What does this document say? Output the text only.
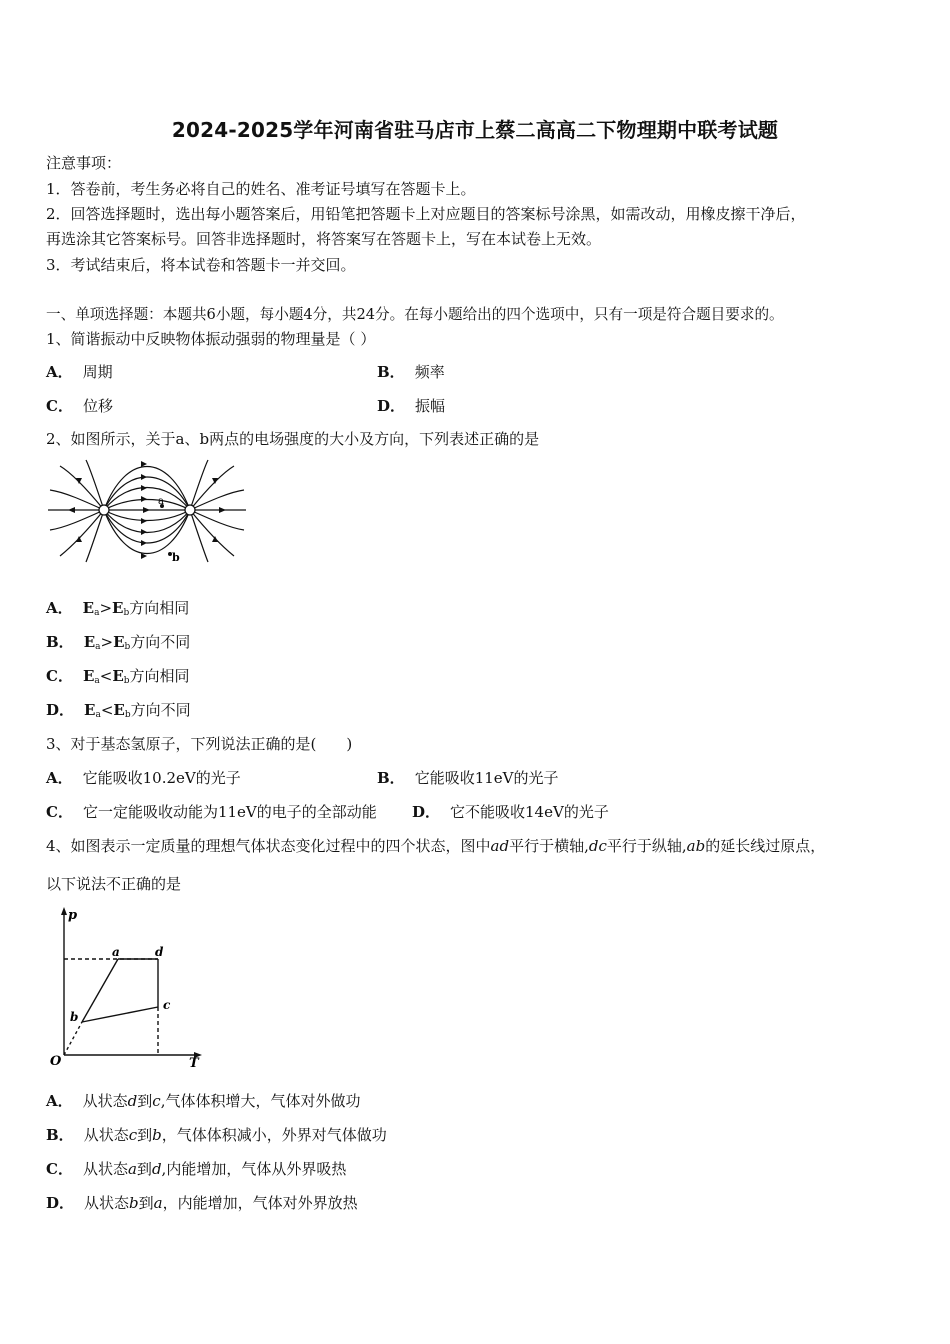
2024-2025学年河南省驻马店市上蔡二高高二下物理期中联考试题
注意事项：
1．答卷前，考生务必将自己的姓名、准考证号填写在答题卡上。
2．回答选择题时，选出每小题答案后，用铅笔把答题卡上对应题目的答案标号涂黑，如需改动，用橡皮擦干净后，
再选涂其它答案标号。回答非选择题时，将答案写在答题卡上，写在本试卷上无效。
3．考试结束后，将本试卷和答题卡一并交回。
一、单项选择题：本题共6小题，每小题4分，共24分。在每小题给出的四个选项中，只有一项是符合题目要求的。
1、简谐振动中反映物体振动强弱的物理量是（ ）
A． 周期	B． 频率
C． 位移	D． 振幅
2、如图所示，关于a、b两点的电场强度的大小及方向，下列表述正确的是
a
b
A． $E_a>E_b$方向相同
B． $E_a>E_b$方向不同
C． $E_a<E_b$方向相同
D． $E_a<E_b$方向不同
3、对于基态氢原子，下列说法正确的是(　　)
A． 它能吸收10.2eV的光子	B． 它能吸收11eV的光子
C． 它一定能吸收动能为11eV的电子的全部动能 D． 它不能吸收14eV的光子
4、如图表示一定质量的理想气体状态变化过程中的四个状态，图中ad平行于横轴,dc平行于纵轴,ab的延长线过原点，
以下说法不正确的是
p
T
O
a
b
c
d
A． 从状态d到c,气体体积增大，气体对外做功
B． 从状态c到b，气体体积减小，外界对气体做功
C． 从状态a到d,内能增加，气体从外界吸热
D． 从状态b到a，内能增加，气体对外界放热
